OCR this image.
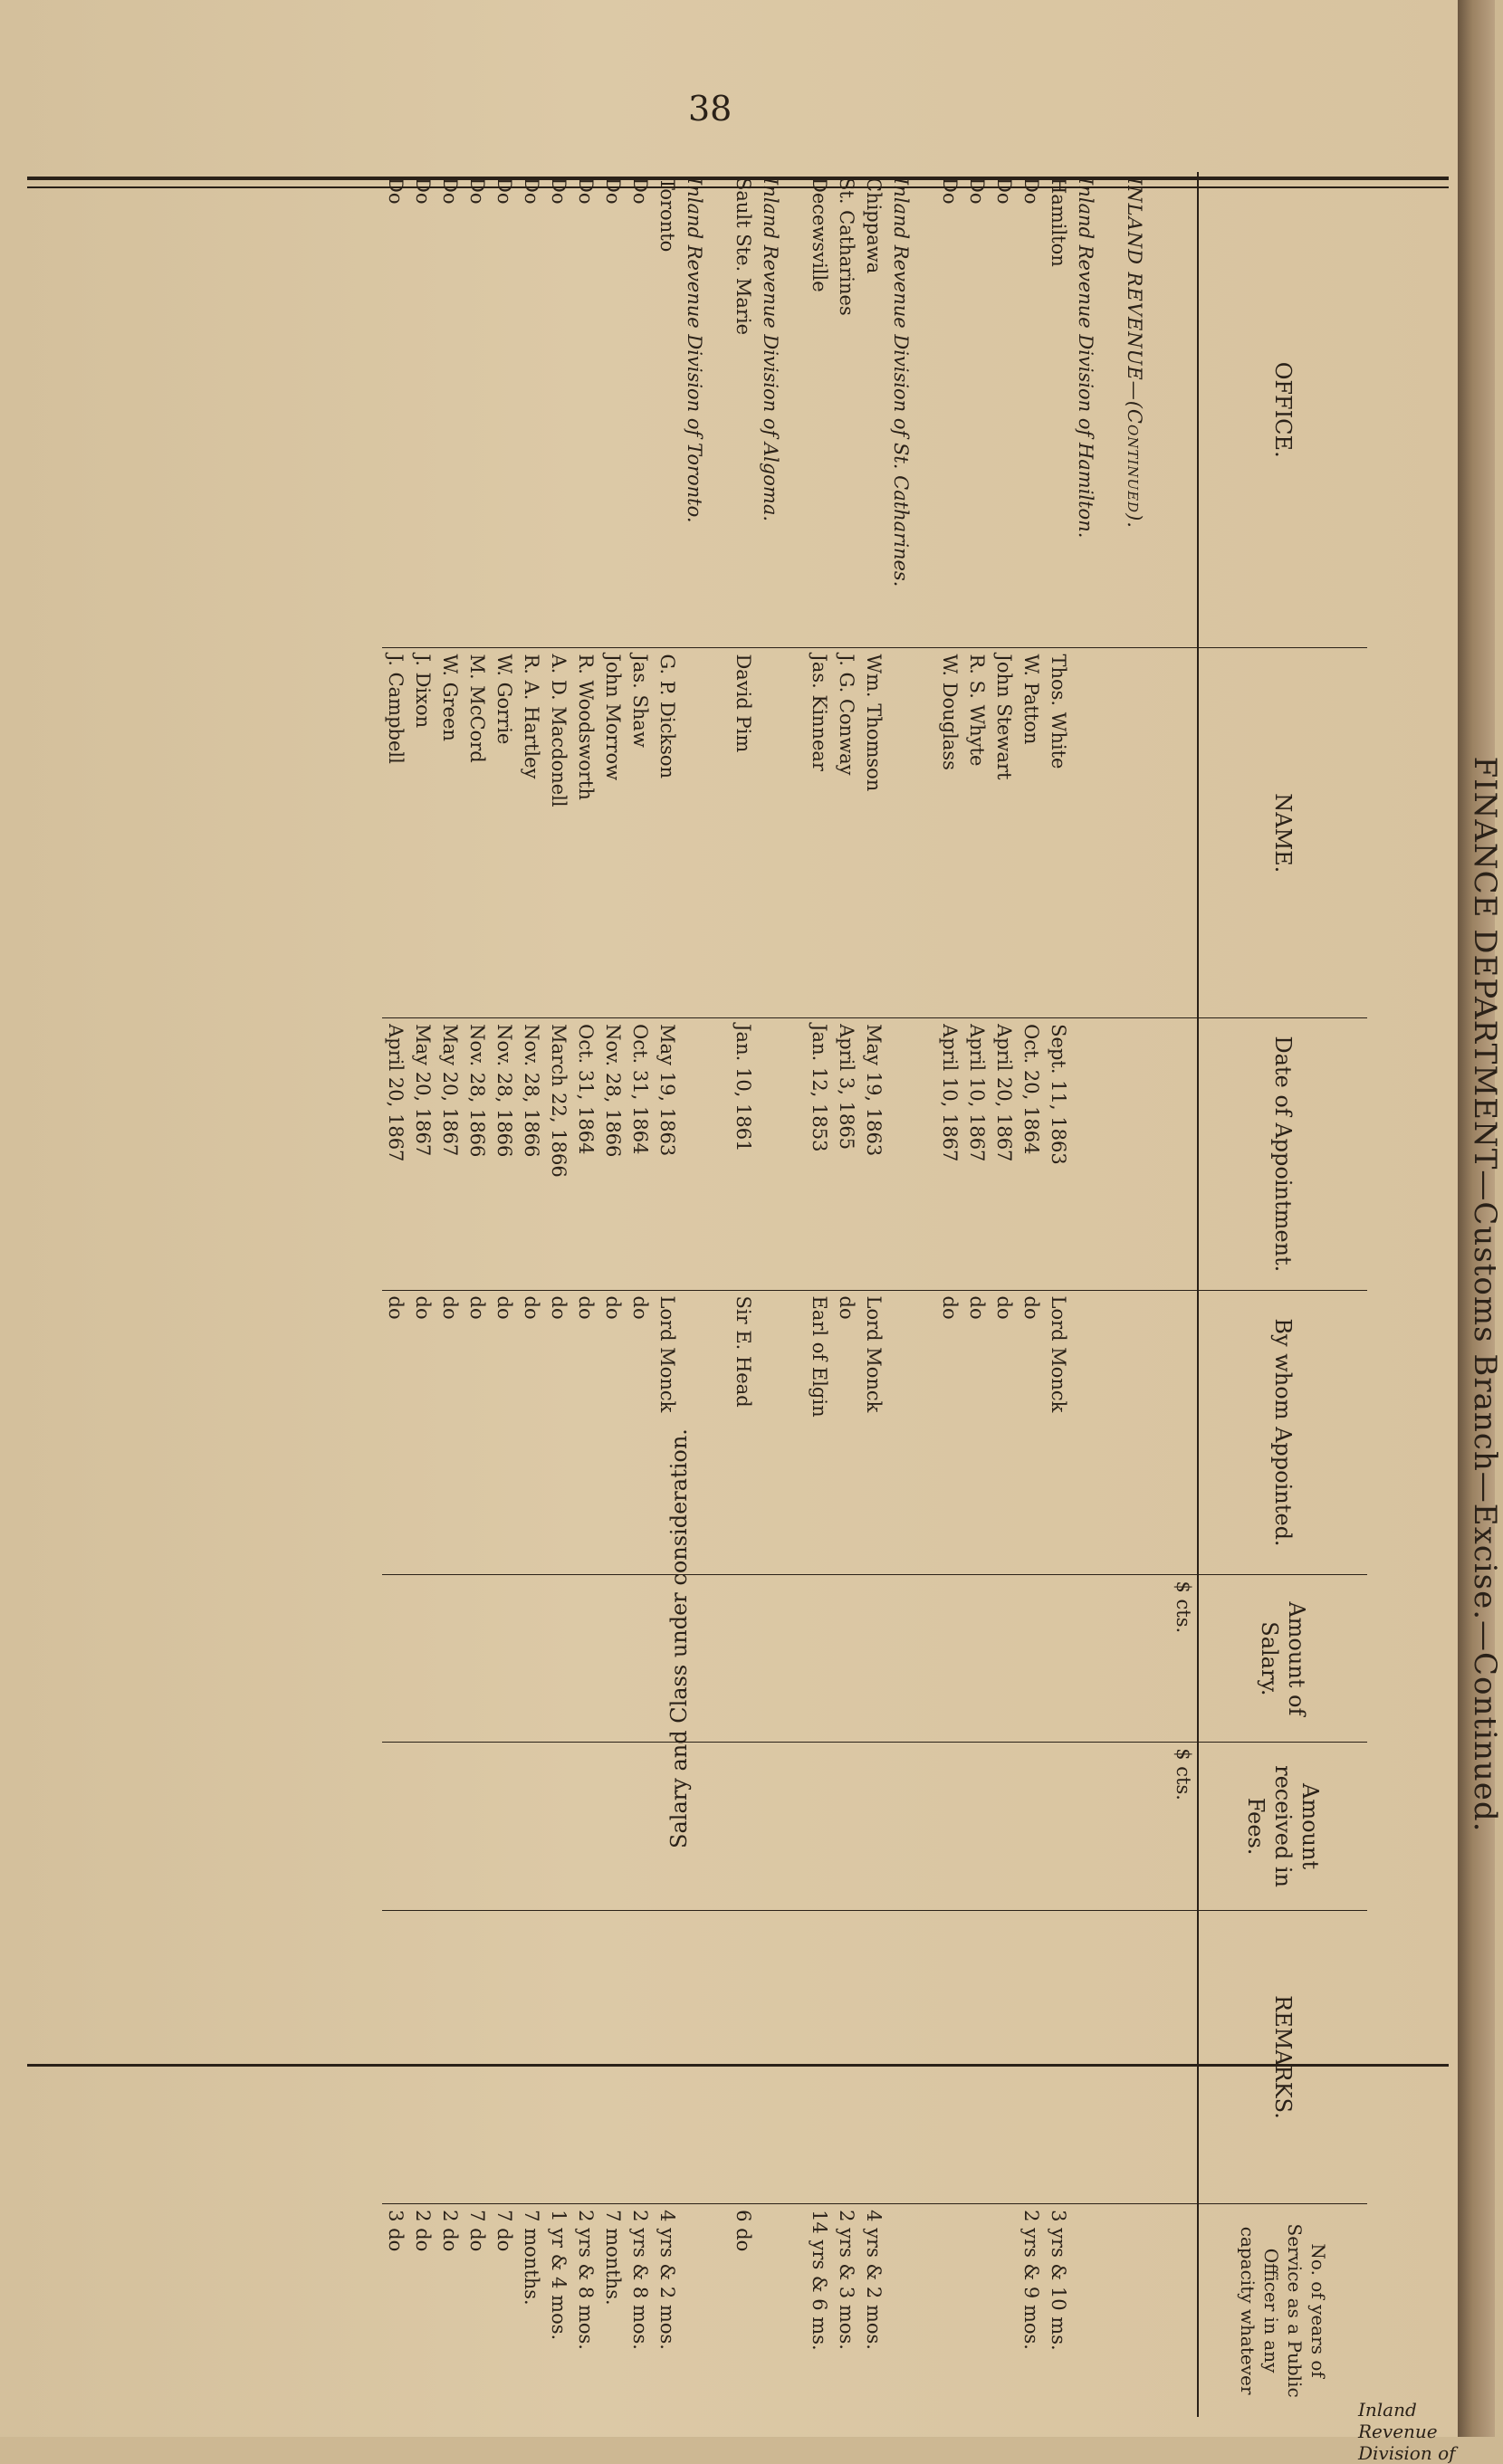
38
FINANCE DEPARTMENT—Customs Branch—Excise.—Continued.
OFFICE.	NAME.	Date of Appointment.	By whom Appointed.	Amount of Salary.	Amount received in Fees.	REMARKS.	No. of years of Service as a Public Officer in any capacity whatever
				$ cts.	$ cts.		
INLAND REVENUE—(Continued).							
Inland Revenue Division of Hamilton.							
Hamilton	Thos. White	Sept. 11, 1863	Lord Monck				3 yrs & 10 ms.
Do	W. Patton	Oct. 20, 1864	do				2 yrs & 9 mos.
Do	John Stewart	April 20, 1867	do				
Do	R. S. Whyte	April 10, 1867	do				
Do	W. Douglass	April 10, 1867	do				
Inland Revenue Division of St. Catharines.							
Chippawa	Wm. Thomson	May 19, 1863	Lord Monck				4 yrs & 2 mos.
St. Catharines	J. G. Conway	April 3, 1865	do				2 yrs & 3 mos.
Decewsville	Jas. Kinnear	Jan. 12, 1853	Earl of Elgin				14 yrs & 6 ms.
Inland Revenue Division of Algoma.							
Sault Ste. Marie	David Pim	Jan. 10, 1861	Sir E. Head				6 do
Inland Revenue Division of Toronto.							
Toronto	G. P. Dickson	May 19, 1863	Lord Monck				4 yrs & 2 mos.
Do	Jas. Shaw	Oct. 31, 1864	do				2 yrs & 8 mos.
Do	John Morrow	Nov. 28, 1866	do				7 months.
Do	R. Woodsworth	Oct. 31, 1864	do				2 yrs & 8 mos.
Do	A. D. Macdonell	March 22, 1866	do				1 yr & 4 mos.
Do	R. A. Hartley	Nov. 28, 1866	do				7 months.
Do	W. Gorrie	Nov. 28, 1866	do				7 do
Do	M. McCord	Nov. 28, 1866	do				7 do
Do	W. Green	May 20, 1867	do				2 do
Do	J. Dixon	May 20, 1867	do				2 do
Do	J. Campbell	April 20, 1867	do				3 do
Salary and Class under consideration.
Inland Revenue Division of
